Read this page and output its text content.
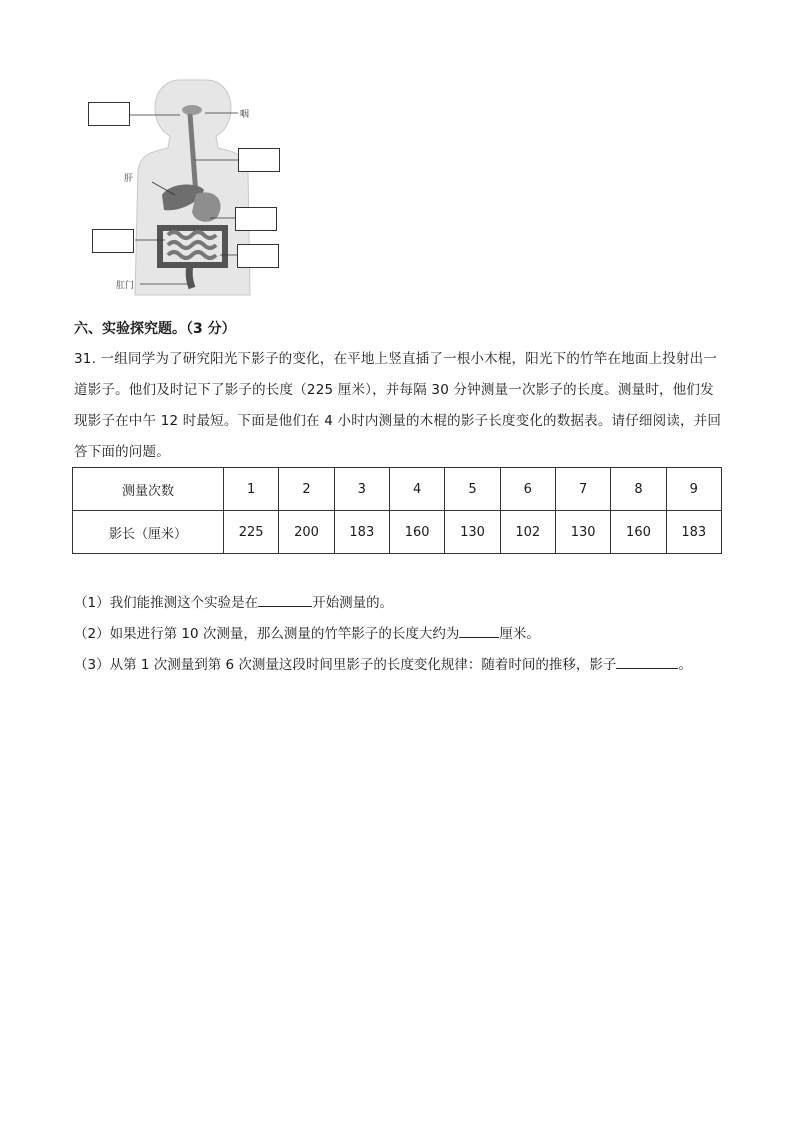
咽
肝
肛门
六、实验探究题。（3 分）
31. 一组同学为了研究阳光下影子的变化，在平地上竖直插了一根小木棍，阳光下的竹竿在地面上投射出一道影子。他们及时记下了影子的长度（225 厘米），并每隔 30 分钟测量一次影子的长度。测量时，他们发现影子在中午 12 时最短。下面是他们在 4 小时内测量的木棍的影子长度变化的数据表。请仔细阅读，并回答下面的问题。
测量次数	1	2	3	4	5	6	7	8	9
影长（厘米）	225	200	183	160	130	102	130	160	183
（1）我们能推测这个实验是在	开始测量的。
（2）如果进行第 10 次测量，那么测量的竹竿影子的长度大约为	厘米。
（3）从第 1 次测量到第 6 次测量这段时间里影子的长度变化规律：随着时间的推移，影子	。
